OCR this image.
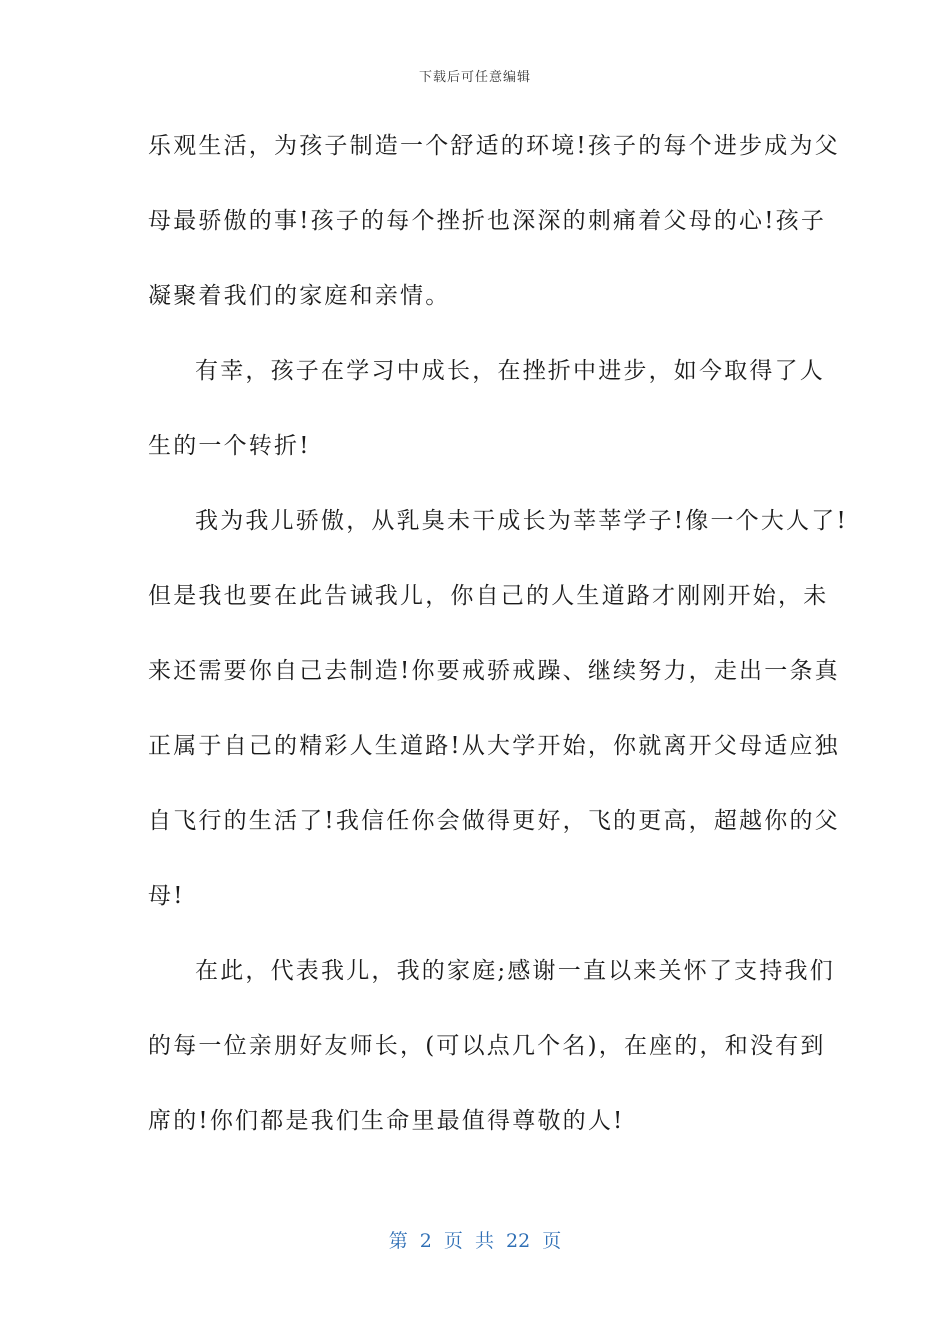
下载后可任意编辑
乐观生活，为孩子制造一个舒适的环境!孩子的每个进步成为父
母最骄傲的事!孩子的每个挫折也深深的刺痛着父母的心!孩子
凝聚着我们的家庭和亲情。
有幸，孩子在学习中成长，在挫折中进步，如今取得了人
生的一个转折!
我为我儿骄傲，从乳臭未干成长为莘莘学子!像一个大人了!
但是我也要在此告诫我儿，你自己的人生道路才刚刚开始，未
来还需要你自己去制造!你要戒骄戒躁、继续努力，走出一条真
正属于自己的精彩人生道路!从大学开始，你就离开父母适应独
自飞行的生活了!我信任你会做得更好，飞的更高，超越你的父
母!
在此，代表我儿，我的家庭;感谢一直以来关怀了支持我们
的每一位亲朋好友师长，(可以点几个名)，在座的，和没有到
席的!你们都是我们生命里最值得尊敬的人!
第 2 页 共 22 页
